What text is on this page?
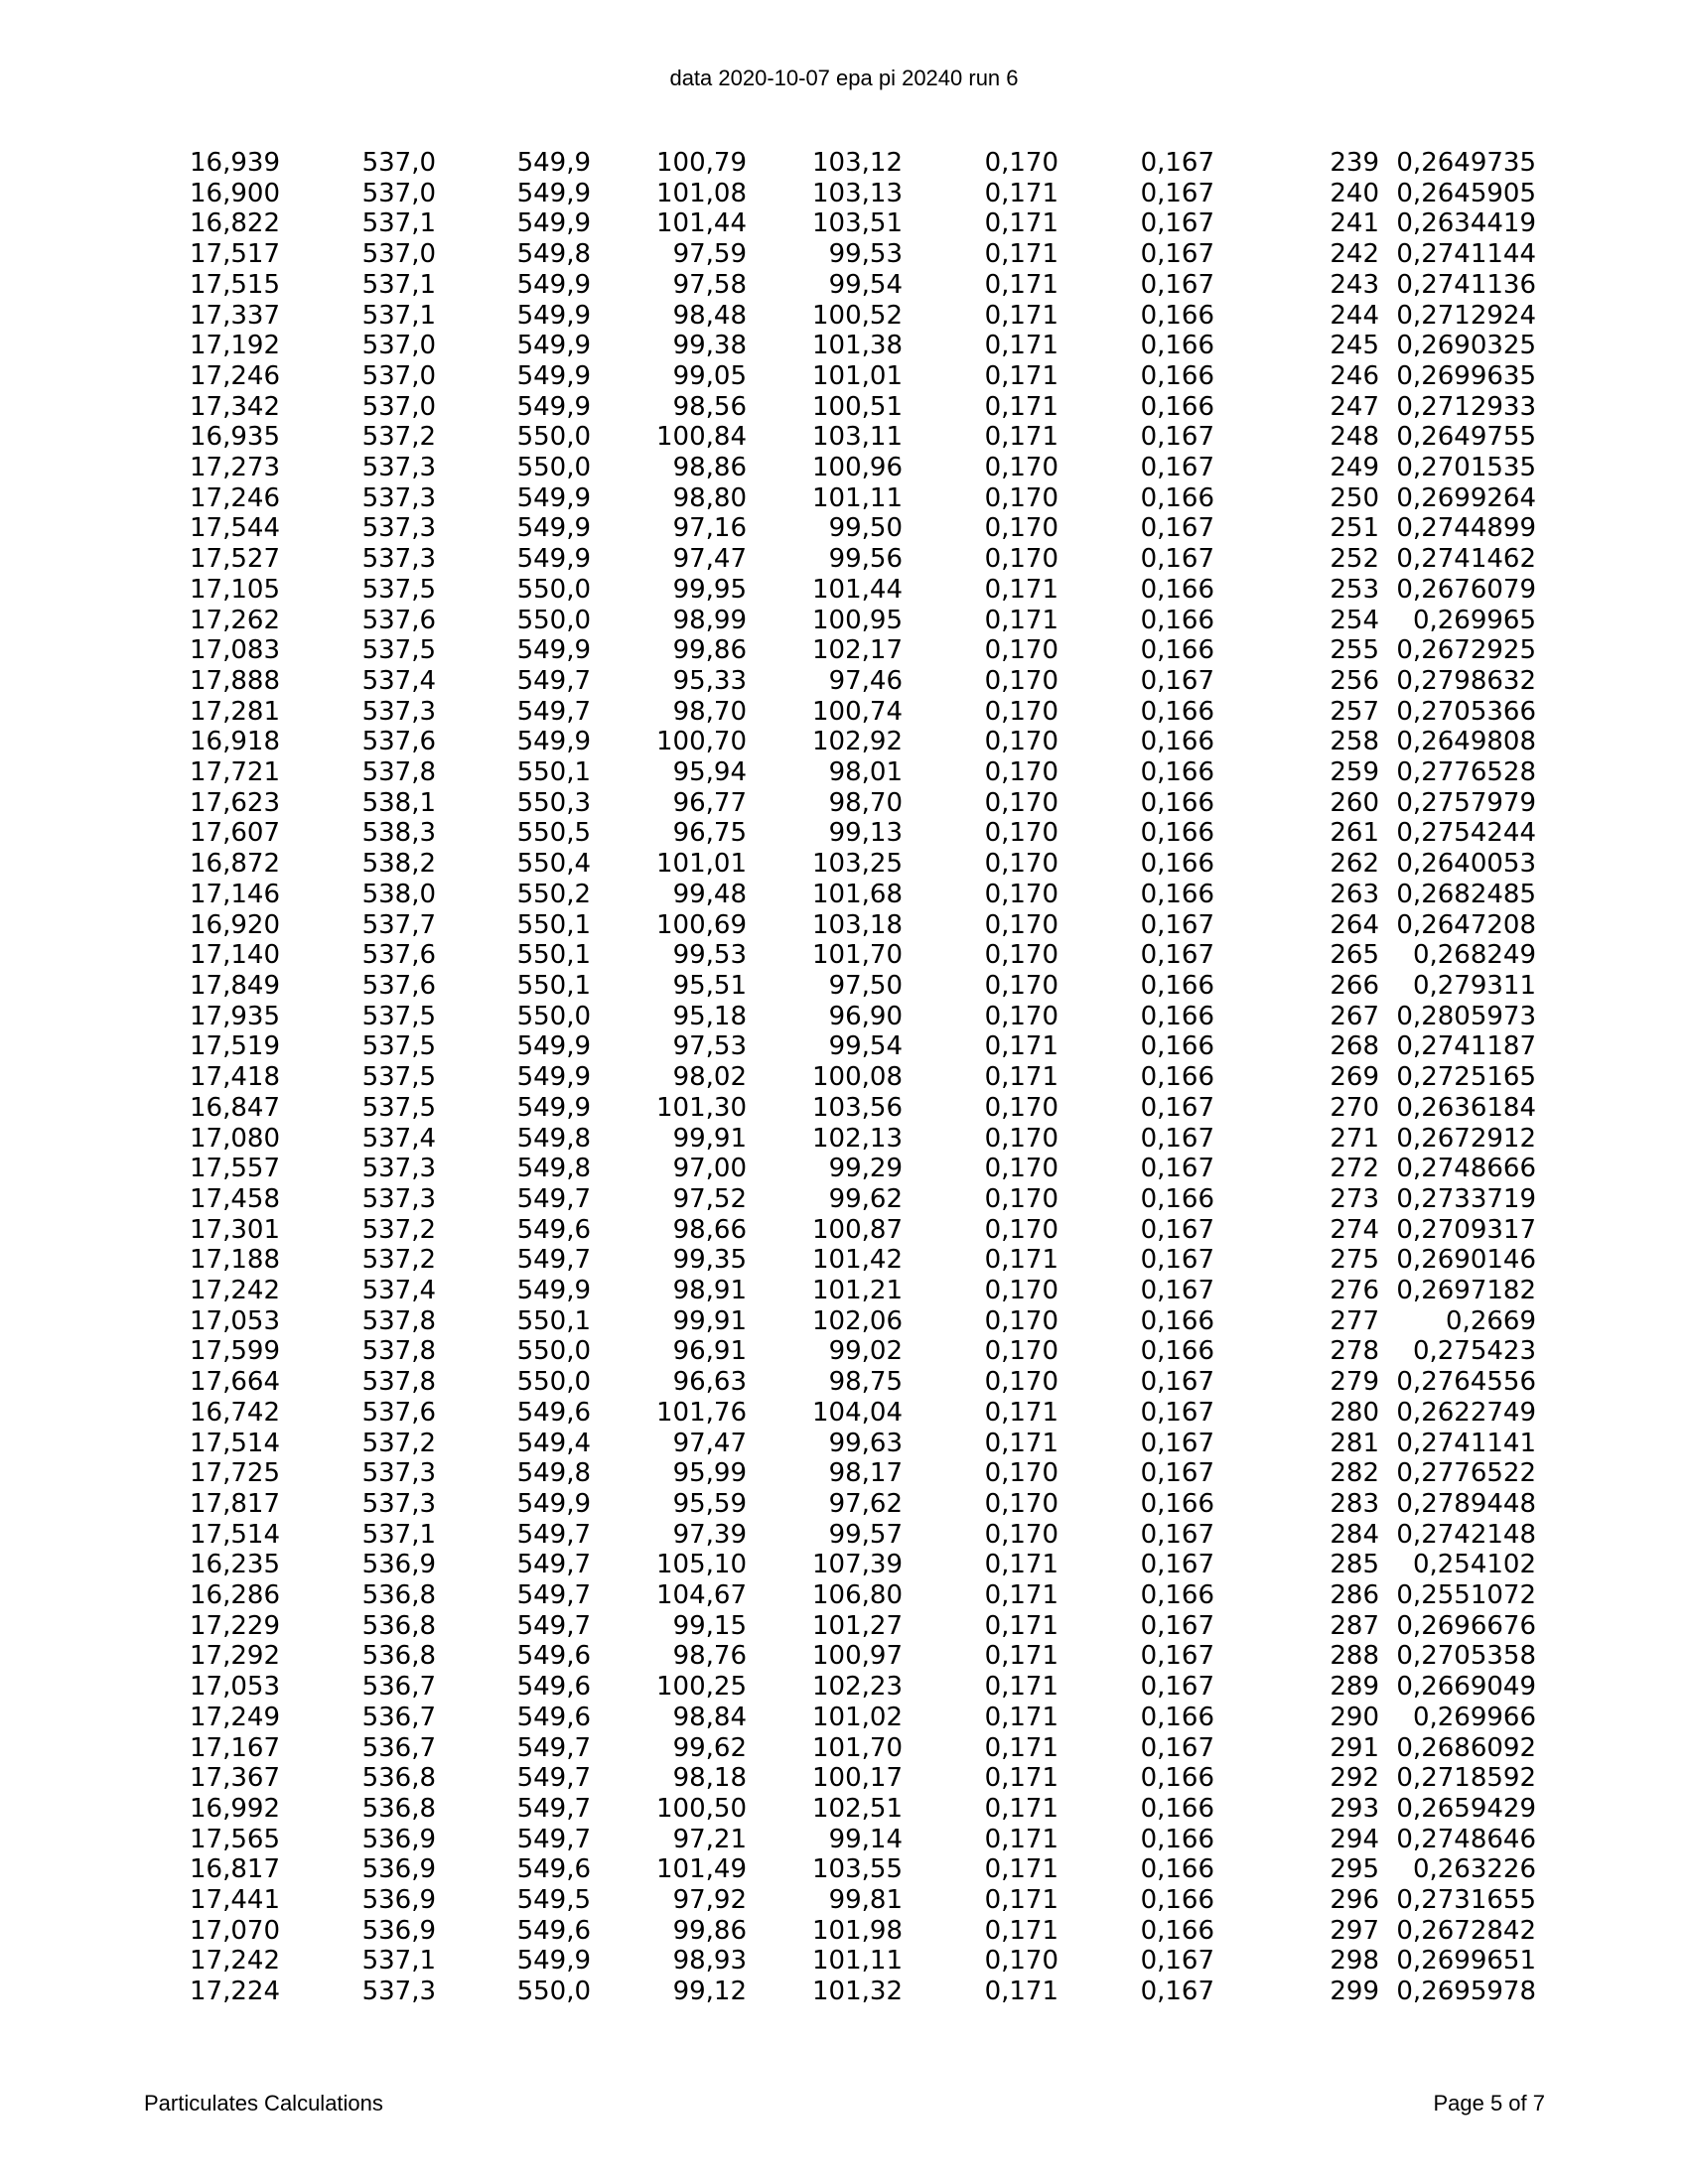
data 2020-10-07 epa pi 20240 run 6
16,939	537,0	549,9	100,79	103,12	0,170	0,167	239	0,2649735
16,900	537,0	549,9	101,08	103,13	0,171	0,167	240	0,2645905
16,822	537,1	549,9	101,44	103,51	0,171	0,167	241	0,2634419
17,517	537,0	549,8	97,59	99,53	0,171	0,167	242	0,2741144
17,515	537,1	549,9	97,58	99,54	0,171	0,167	243	0,2741136
17,337	537,1	549,9	98,48	100,52	0,171	0,166	244	0,2712924
17,192	537,0	549,9	99,38	101,38	0,171	0,166	245	0,2690325
17,246	537,0	549,9	99,05	101,01	0,171	0,166	246	0,2699635
17,342	537,0	549,9	98,56	100,51	0,171	0,166	247	0,2712933
16,935	537,2	550,0	100,84	103,11	0,171	0,167	248	0,2649755
17,273	537,3	550,0	98,86	100,96	0,170	0,167	249	0,2701535
17,246	537,3	549,9	98,80	101,11	0,170	0,166	250	0,2699264
17,544	537,3	549,9	97,16	99,50	0,170	0,167	251	0,2744899
17,527	537,3	549,9	97,47	99,56	0,170	0,167	252	0,2741462
17,105	537,5	550,0	99,95	101,44	0,171	0,166	253	0,2676079
17,262	537,6	550,0	98,99	100,95	0,171	0,166	254	0,269965
17,083	537,5	549,9	99,86	102,17	0,170	0,166	255	0,2672925
17,888	537,4	549,7	95,33	97,46	0,170	0,167	256	0,2798632
17,281	537,3	549,7	98,70	100,74	0,170	0,166	257	0,2705366
16,918	537,6	549,9	100,70	102,92	0,170	0,166	258	0,2649808
17,721	537,8	550,1	95,94	98,01	0,170	0,166	259	0,2776528
17,623	538,1	550,3	96,77	98,70	0,170	0,166	260	0,2757979
17,607	538,3	550,5	96,75	99,13	0,170	0,166	261	0,2754244
16,872	538,2	550,4	101,01	103,25	0,170	0,166	262	0,2640053
17,146	538,0	550,2	99,48	101,68	0,170	0,166	263	0,2682485
16,920	537,7	550,1	100,69	103,18	0,170	0,167	264	0,2647208
17,140	537,6	550,1	99,53	101,70	0,170	0,167	265	0,268249
17,849	537,6	550,1	95,51	97,50	0,170	0,166	266	0,279311
17,935	537,5	550,0	95,18	96,90	0,170	0,166	267	0,2805973
17,519	537,5	549,9	97,53	99,54	0,171	0,166	268	0,2741187
17,418	537,5	549,9	98,02	100,08	0,171	0,166	269	0,2725165
16,847	537,5	549,9	101,30	103,56	0,170	0,167	270	0,2636184
17,080	537,4	549,8	99,91	102,13	0,170	0,167	271	0,2672912
17,557	537,3	549,8	97,00	99,29	0,170	0,167	272	0,2748666
17,458	537,3	549,7	97,52	99,62	0,170	0,166	273	0,2733719
17,301	537,2	549,6	98,66	100,87	0,170	0,167	274	0,2709317
17,188	537,2	549,7	99,35	101,42	0,171	0,167	275	0,2690146
17,242	537,4	549,9	98,91	101,21	0,170	0,167	276	0,2697182
17,053	537,8	550,1	99,91	102,06	0,170	0,166	277	0,2669
17,599	537,8	550,0	96,91	99,02	0,170	0,166	278	0,275423
17,664	537,8	550,0	96,63	98,75	0,170	0,167	279	0,2764556
16,742	537,6	549,6	101,76	104,04	0,171	0,167	280	0,2622749
17,514	537,2	549,4	97,47	99,63	0,171	0,167	281	0,2741141
17,725	537,3	549,8	95,99	98,17	0,170	0,167	282	0,2776522
17,817	537,3	549,9	95,59	97,62	0,170	0,166	283	0,2789448
17,514	537,1	549,7	97,39	99,57	0,170	0,167	284	0,2742148
16,235	536,9	549,7	105,10	107,39	0,171	0,167	285	0,254102
16,286	536,8	549,7	104,67	106,80	0,171	0,166	286	0,2551072
17,229	536,8	549,7	99,15	101,27	0,171	0,167	287	0,2696676
17,292	536,8	549,6	98,76	100,97	0,171	0,167	288	0,2705358
17,053	536,7	549,6	100,25	102,23	0,171	0,167	289	0,2669049
17,249	536,7	549,6	98,84	101,02	0,171	0,166	290	0,269966
17,167	536,7	549,7	99,62	101,70	0,171	0,167	291	0,2686092
17,367	536,8	549,7	98,18	100,17	0,171	0,166	292	0,2718592
16,992	536,8	549,7	100,50	102,51	0,171	0,166	293	0,2659429
17,565	536,9	549,7	97,21	99,14	0,171	0,166	294	0,2748646
16,817	536,9	549,6	101,49	103,55	0,171	0,166	295	0,263226
17,441	536,9	549,5	97,92	99,81	0,171	0,166	296	0,2731655
17,070	536,9	549,6	99,86	101,98	0,171	0,166	297	0,2672842
17,242	537,1	549,9	98,93	101,11	0,170	0,167	298	0,2699651
17,224	537,3	550,0	99,12	101,32	0,171	0,167	299	0,2695978
Particulates Calculations	Page 5 of 7
